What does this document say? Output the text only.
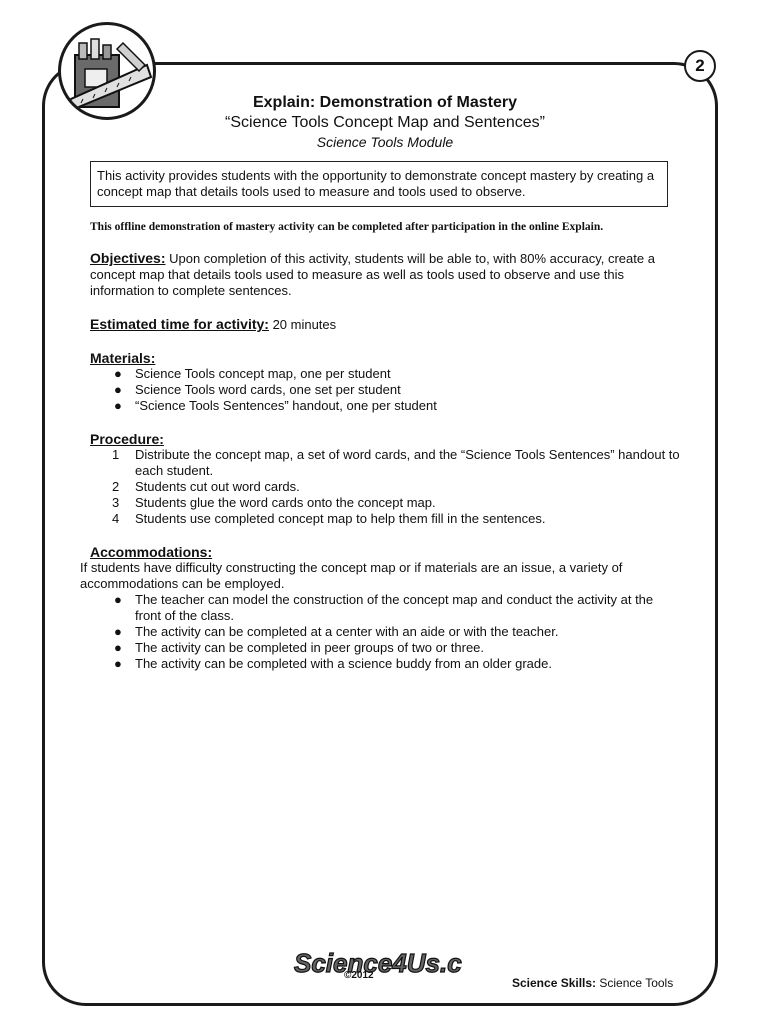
2
Explain: Demonstration of Mastery
“Science Tools Concept Map and Sentences”
Science Tools Module
This activity provides students with the opportunity to demonstrate concept mastery by creating a concept map that details tools used to measure and tools used to observe.
This offline demonstration of mastery activity can be completed after participation in the online Explain.
Objectives: Upon completion of this activity, students will be able to, with 80% accuracy, create a concept map that details tools used to measure as well as tools used to observe and use this information to complete sentences.
Estimated time for activity: 20 minutes
Materials:
● Science Tools concept map, one per student
● Science Tools word cards, one set per student
● “Science Tools Sentences” handout, one per student
Procedure:
1 Distribute the concept map, a set of word cards, and the “Science Tools Sentences” handout to each student.
2 Students cut out word cards.
3 Students glue the word cards onto the concept map.
4 Students use completed concept map to help them fill in the sentences.
Accommodations:
If students have difficulty constructing the concept map or if materials are an issue, a variety of accommodations can be employed.
● The teacher can model the construction of the concept map and conduct the activity at the front of the class.
● The activity can be completed at a center with an aide or with the teacher.
● The activity can be completed in peer groups of two or three.
● The activity can be completed with a science buddy from an older grade.
Science4Us.c
©2012
Science Skills: Science Tools
